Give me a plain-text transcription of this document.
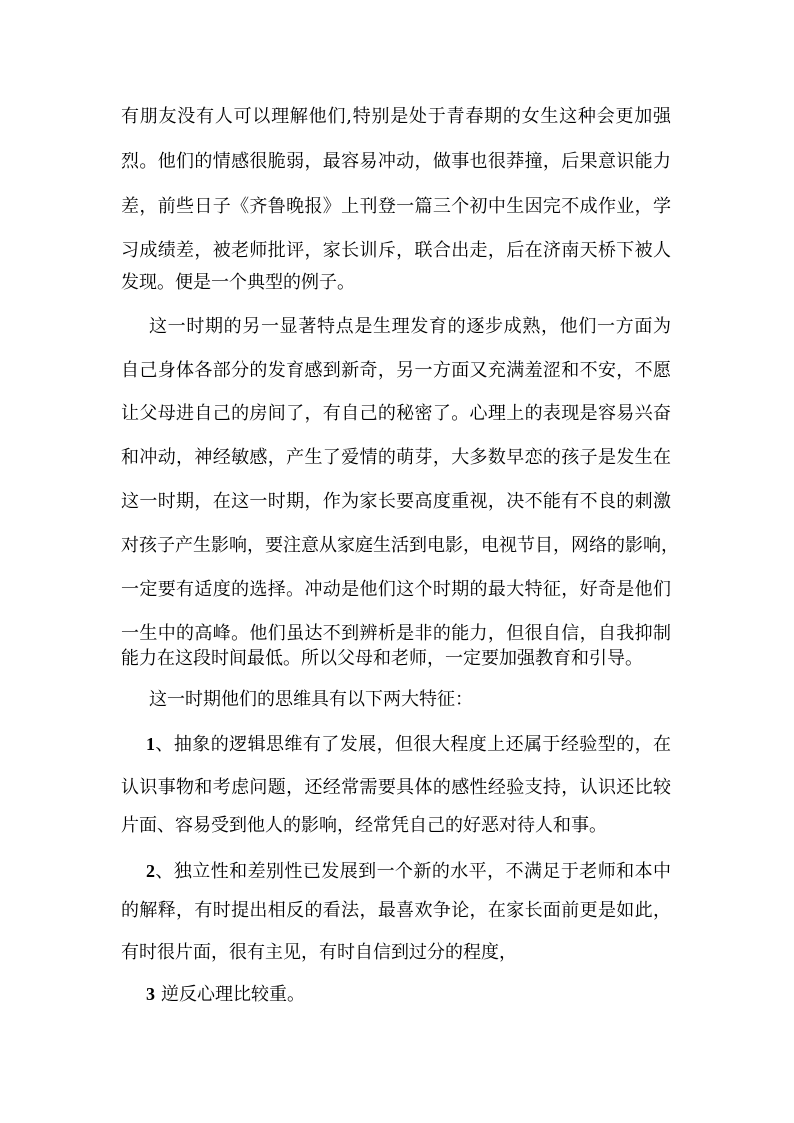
有朋友没有人可以理解他们,特别是处于青春期的女生这种会更加强
烈。他们的情感很脆弱，最容易冲动，做事也很莽撞，后果意识能力
差，前些日子《齐鲁晚报》上刊登一篇三个初中生因完不成作业，学
习成绩差，被老师批评，家长训斥，联合出走，后在济南天桥下被人
发现。便是一个典型的例子。
这一时期的另一显著特点是生理发育的逐步成熟，他们一方面为
自己身体各部分的发育感到新奇，另一方面又充满羞涩和不安，不愿
让父母进自己的房间了，有自己的秘密了。心理上的表现是容易兴奋
和冲动，神经敏感，产生了爱情的萌芽，大多数早恋的孩子是发生在
这一时期，在这一时期，作为家长要高度重视，决不能有不良的刺激
对孩子产生影响，要注意从家庭生活到电影，电视节目，网络的影响，
一定要有适度的选择。冲动是他们这个时期的最大特征，好奇是他们
一生中的高峰。他们虽达不到辨析是非的能力，但很自信，自我抑制
能力在这段时间最低。所以父母和老师，一定要加强教育和引导。
这一时期他们的思维具有以下两大特征：
1、抽象的逻辑思维有了发展，但很大程度上还属于经验型的，在
认识事物和考虑问题，还经常需要具体的感性经验支持，认识还比较
片面、容易受到他人的影响，经常凭自己的好恶对待人和事。
2、独立性和差别性已发展到一个新的水平，不满足于老师和本中
的解释，有时提出相反的看法，最喜欢争论，在家长面前更是如此，
有时很片面，很有主见，有时自信到过分的程度，
3 逆反心理比较重。
